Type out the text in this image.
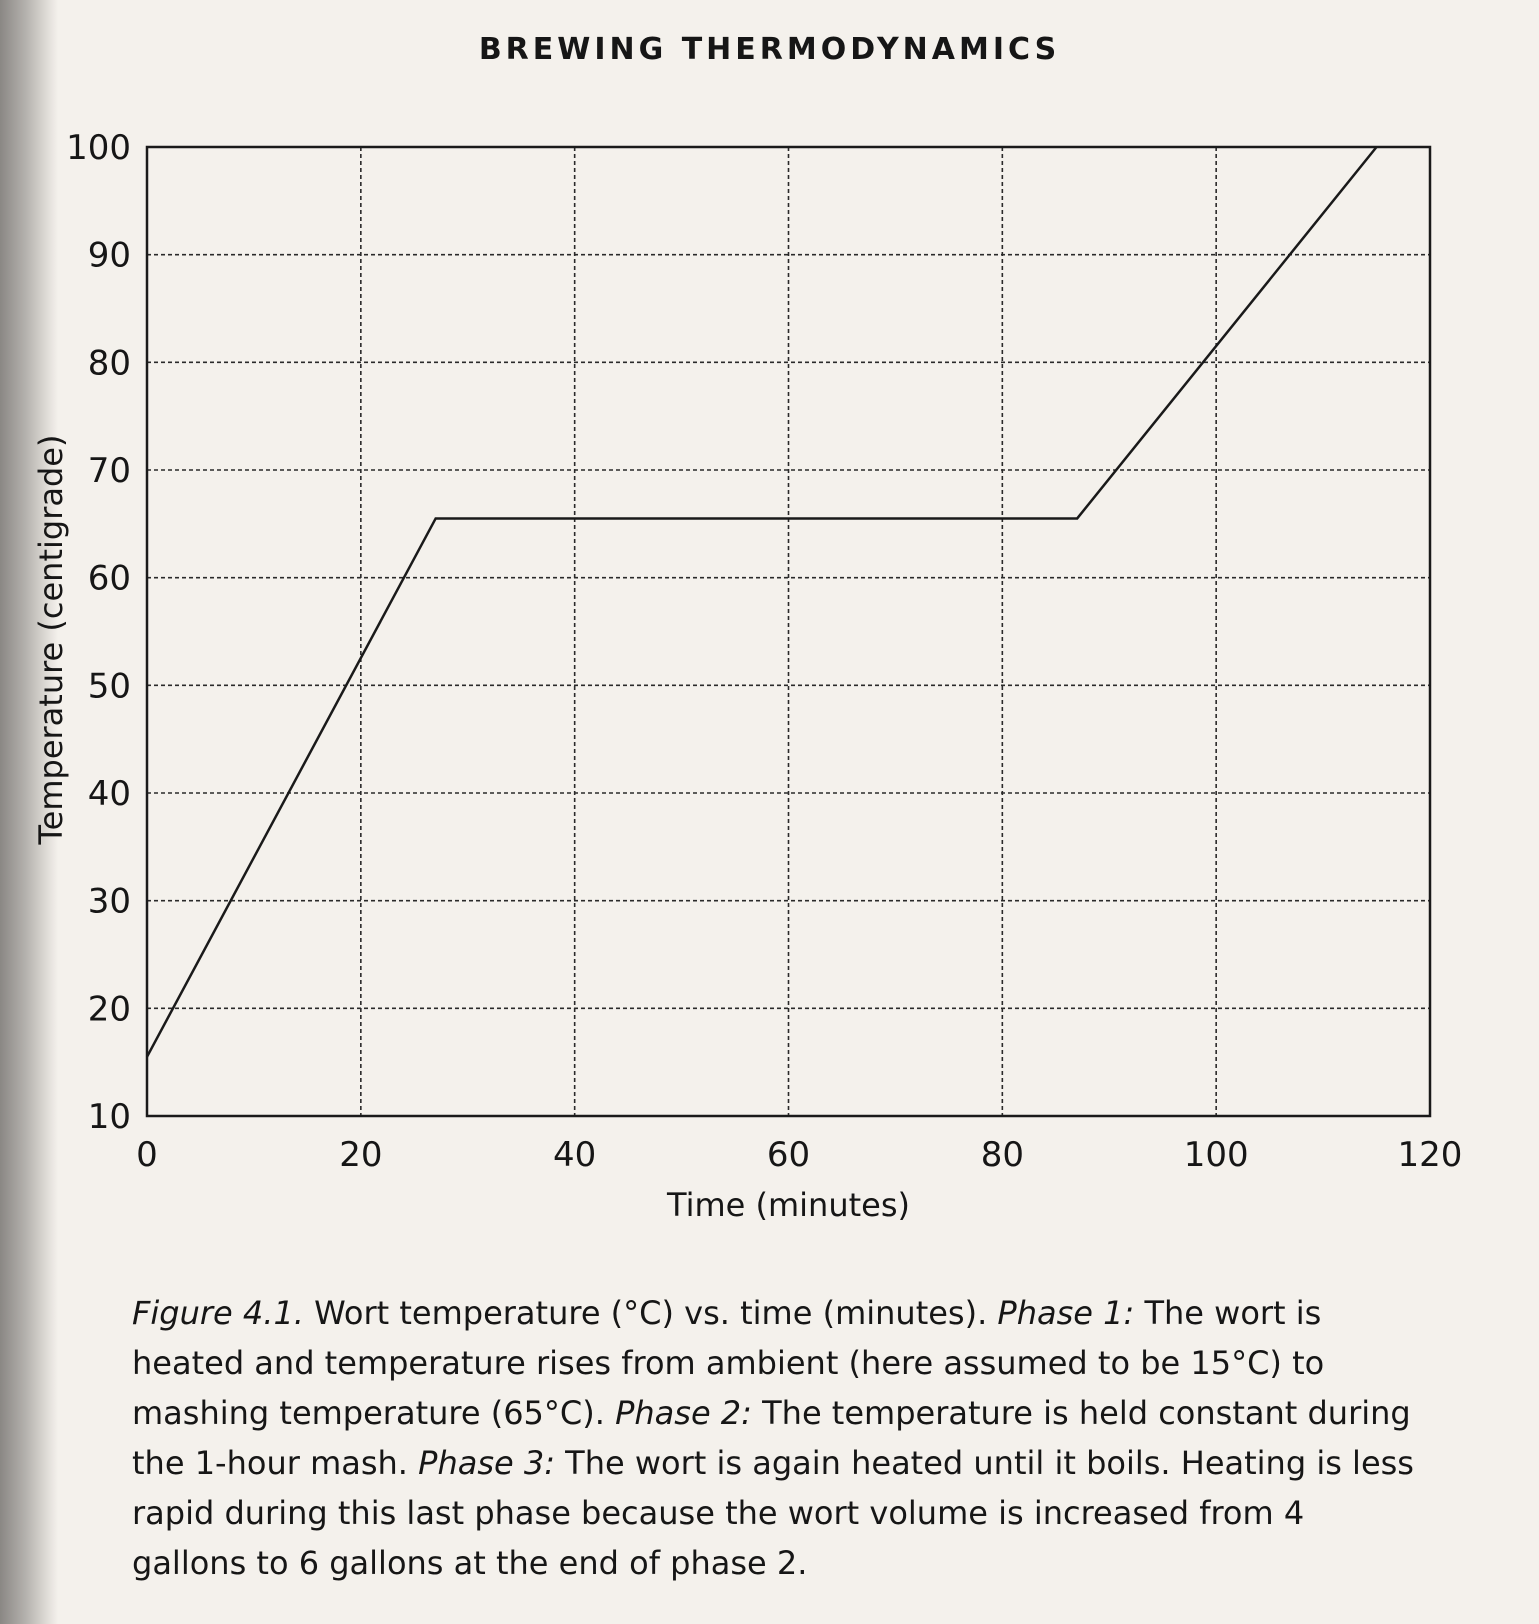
BREWING THERMODYNAMICS
10
20
30
40
50
60
70
80
90
100
0	20	40	60	80	100	120
Time (minutes)
Temperature (centigrade)
Figure 4.1. Wort temperature (°C) vs. time (minutes). Phase 1: The wort is heated and temperature rises from ambient (here assumed to be 15°C) to mashing temperature (65°C). Phase 2: The temperature is held constant during the 1-hour mash. Phase 3: The wort is again heated until it boils. Heating is less rapid during this last phase because the wort volume is increased from 4 gallons to 6 gallons at the end of phase 2.
